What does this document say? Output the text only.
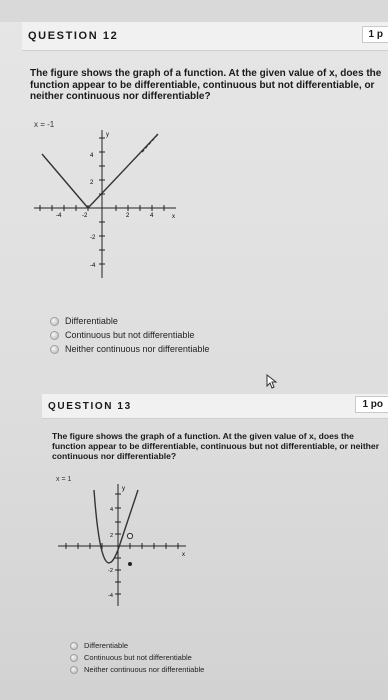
QUESTION 12	1 p
The figure shows the graph of a function. At the given value of x, does the function appear to be differentiable, continuous but not differentiable, or neither continuous nor differentiable?
x = -1
y
x
-4	-2	2	4
4
2
-2
-4
Differentiable
Continuous but not differentiable
Neither continuous nor differentiable
QUESTION 13	1 po
The figure shows the graph of a function. At the given value of x, does the function appear to be differentiable, continuous but not differentiable, or neither continuous nor differentiable?
x = 1
y
x
4
2
-2
-4
Differentiable
Continuous but not differentiable
Neither continuous nor differentiable
